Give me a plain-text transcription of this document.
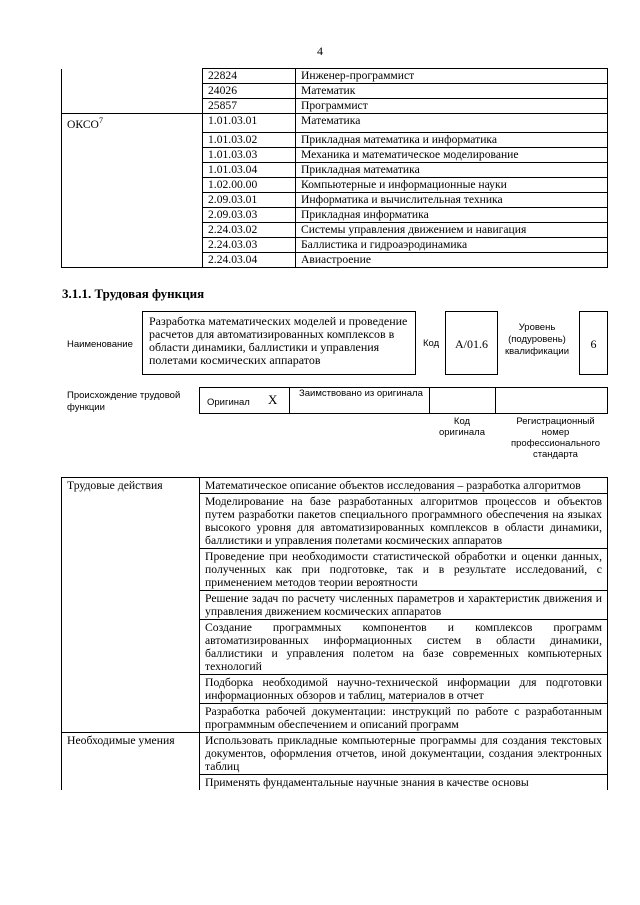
4
	22824	Инженер-программист
	24026	Математик
	25857	Программист
ОКСО$^7$	1.01.03.01	Математика
	1.01.03.02	Прикладная математика и информатика
	1.01.03.03	Механика и математическое моделирование
	1.01.03.04	Прикладная математика
	1.02.00.00	Компьютерные и информационные науки
	2.09.03.01	Информатика и вычислительная техника
	2.09.03.03	Прикладная информатика
	2.24.03.02	Системы управления движением и навигация
	2.24.03.03	Баллистика и гидроаэродинамика
	2.24.03.04	Авиастроение
3.1.1. Трудовая функция
Наименование
Разработка математических моделей и проведение расчетов для автоматизированных комплексов в области динамики, баллистики и управления полетами космических аппаратов
Код	A/01.6
Уровень (подуровень) квалификации
6
Происхождение трудовой функции	Оригинал X Заимствовано из оригинала
Код оригинала
Регистрационный номер профессионального стандарта
Трудовые действия	Математическое описание объектов исследования – разработка алгоритмов
	Моделирование на базе разработанных алгоритмов процессов и объектов путем разработки пакетов специального программного обеспечения на языках высокого уровня для автоматизированных комплексов в области динамики, баллистики и управления полетами космических аппаратов
	Проведение при необходимости статистической обработки и оценки данных, полученных как при подготовке, так и в результате исследований, с применением методов теории вероятности
	Решение задач по расчету численных параметров и характеристик движения и управления движением космических аппаратов
	Создание программных компонентов и комплексов программ автоматизированных информационных систем в области динамики, баллистики и управления полетом на базе современных компьютерных технологий
	Подборка необходимой научно-технической информации для подготовки информационных обзоров и таблиц, материалов в отчет
	Разработка рабочей документации: инструкций по работе с разработанным программным обеспечением и описаний программ
Необходимые умения	Использовать прикладные компьютерные программы для создания текстовых документов, оформления отчетов, иной документации, создания электронных таблиц
	Применять фундаментальные научные знания в качестве основы
